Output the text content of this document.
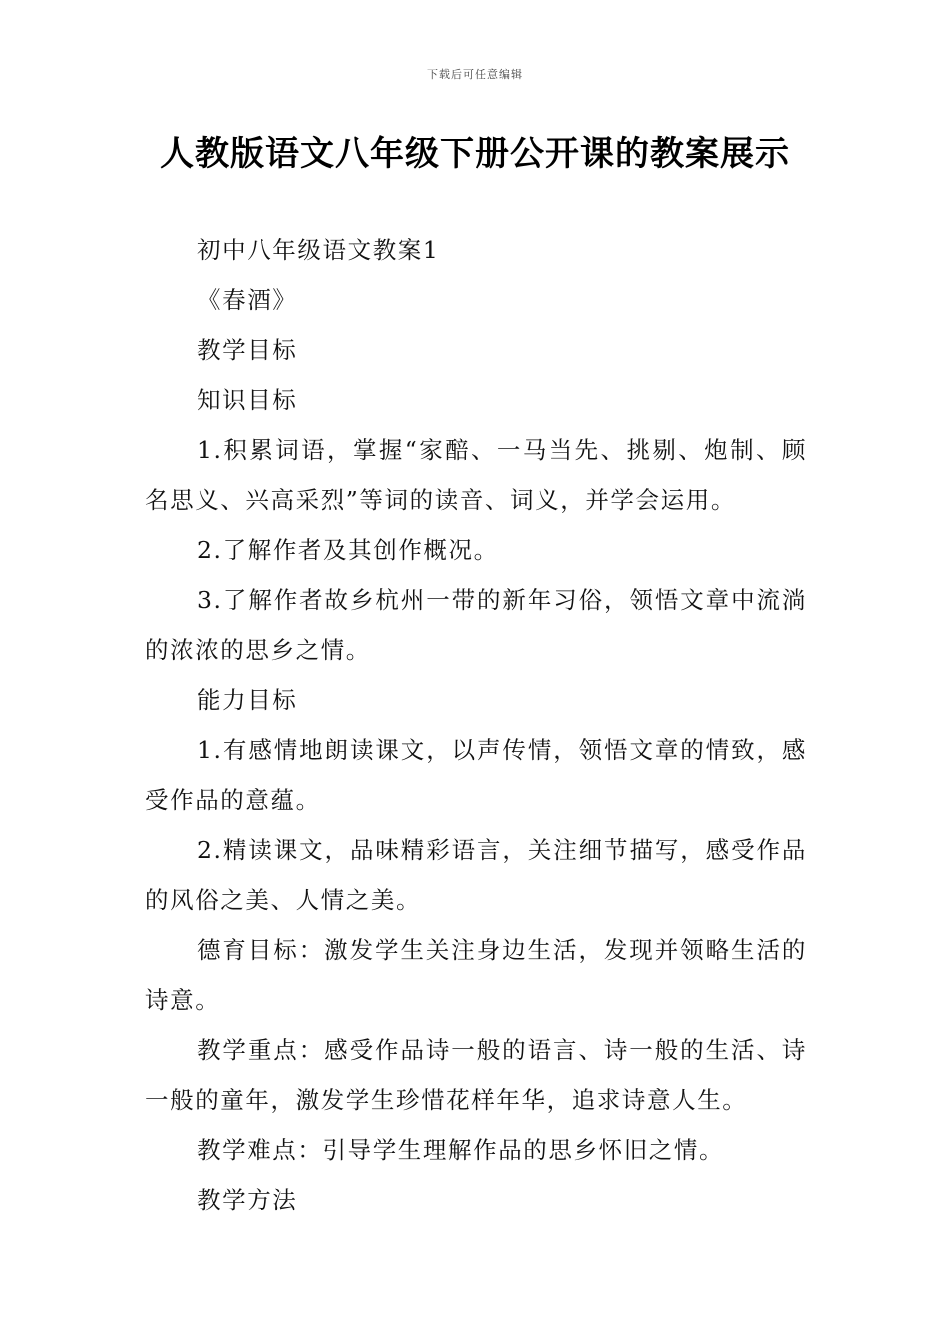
下载后可任意编辑
人教版语文八年级下册公开课的教案展示

初中八年级语文教案1

《春酒》

教学目标

知识目标

1.积累词语，掌握“家醅、一马当先、挑剔、炮制、顾名思义、兴高采烈”等词的读音、词义，并学会运用。

2.了解作者及其创作概况。

3.了解作者故乡杭州一带的新年习俗，领悟文章中流淌的浓浓的思乡之情。

能力目标

1.有感情地朗读课文，以声传情，领悟文章的情致，感受作品的意蕴。

2.精读课文，品味精彩语言，关注细节描写，感受作品的风俗之美、人情之美。

德育目标：激发学生关注身边生活，发现并领略生活的诗意。

教学重点：感受作品诗一般的语言、诗一般的生活、诗一般的童年，激发学生珍惜花样年华，追求诗意人生。

教学难点：引导学生理解作品的思乡怀旧之情。

教学方法
